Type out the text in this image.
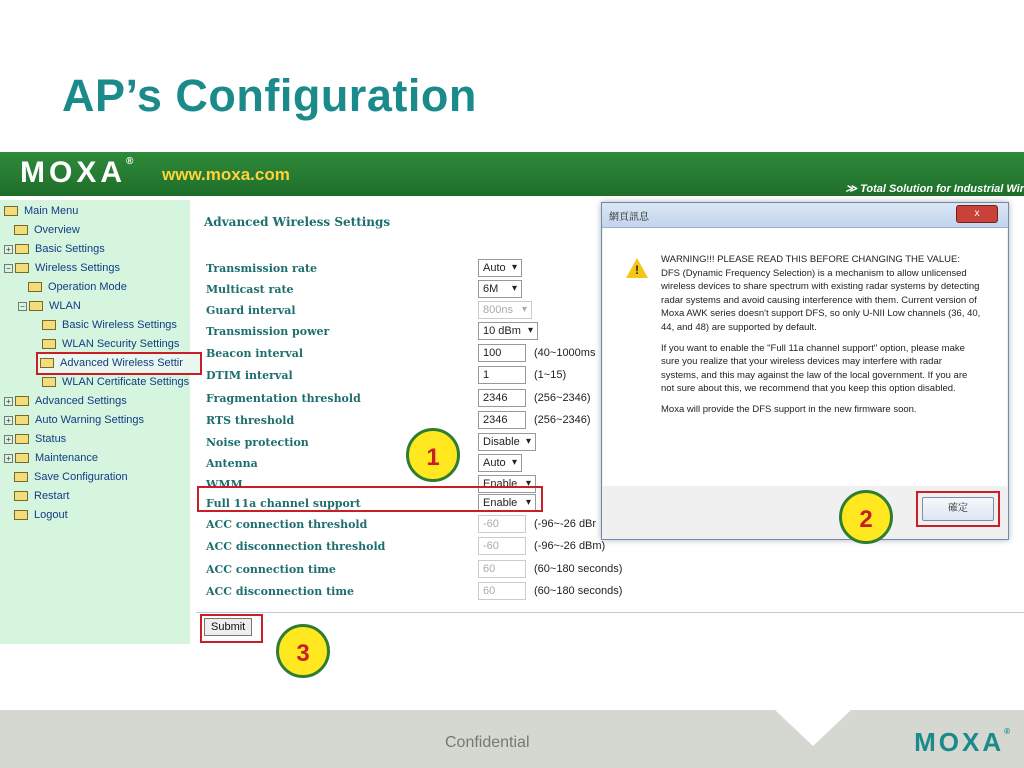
AP’s Configuration
MOXA®
www.moxa.com
≫ Total Solution for Industrial Wir
Main Menu
Overview
+ Basic Settings
− Wireless Settings
Operation Mode
− WLAN
Basic Wireless Settings
WLAN Security Settings
Advanced Wireless Settir
WLAN Certificate Settings
+ Advanced Settings
+ Auto Warning Settings
+ Status
+ Maintenance
Save Configuration
Restart
Logout
Advanced Wireless Settings
Transmission rate	Auto ▾
Multicast rate	6M ▾
Guard interval	800ns ▾
Transmission power	10 dBm ▾
Beacon interval	100	(40~1000ms
DTIM interval	1	(1~15)
Fragmentation threshold	2346	(256~2346)
RTS threshold	2346	(256~2346)
Noise protection	Disable ▾
Antenna	Auto ▾
WMM	Enable ▾
Full 11a channel support	Enable ▾
ACC connection threshold	-60	(-96~-26 dBr
ACC disconnection threshold	-60	(-96~-26 dBm)
ACC connection time	60	(60~180 seconds)
ACC disconnection time	60	(60~180 seconds)
Submit
網頁訊息	x
!

WARNING!!! PLEASE READ THIS BEFORE CHANGING THE VALUE: DFS (Dynamic Frequency Selection) is a mechanism to allow unlicensed wireless devices to share spectrum with existing radar systems by detecting radar systems and avoid causing interference with them. Current version of Moxa AWK series doesn't support DFS, so only U-NII Low channels (36, 40, 44, and 48) are supported by default.

If you want to enable the "Full 11a channel support" option, please make sure you realize that your wireless devices may interfere with radar systems, and this may against the law of the local government. If you are not sure about this, we recommend that you keep this option disabled.

Moxa will provide the DFS support in the new firmware soon.

確定
1
2
3
Confidential	MOXA®
